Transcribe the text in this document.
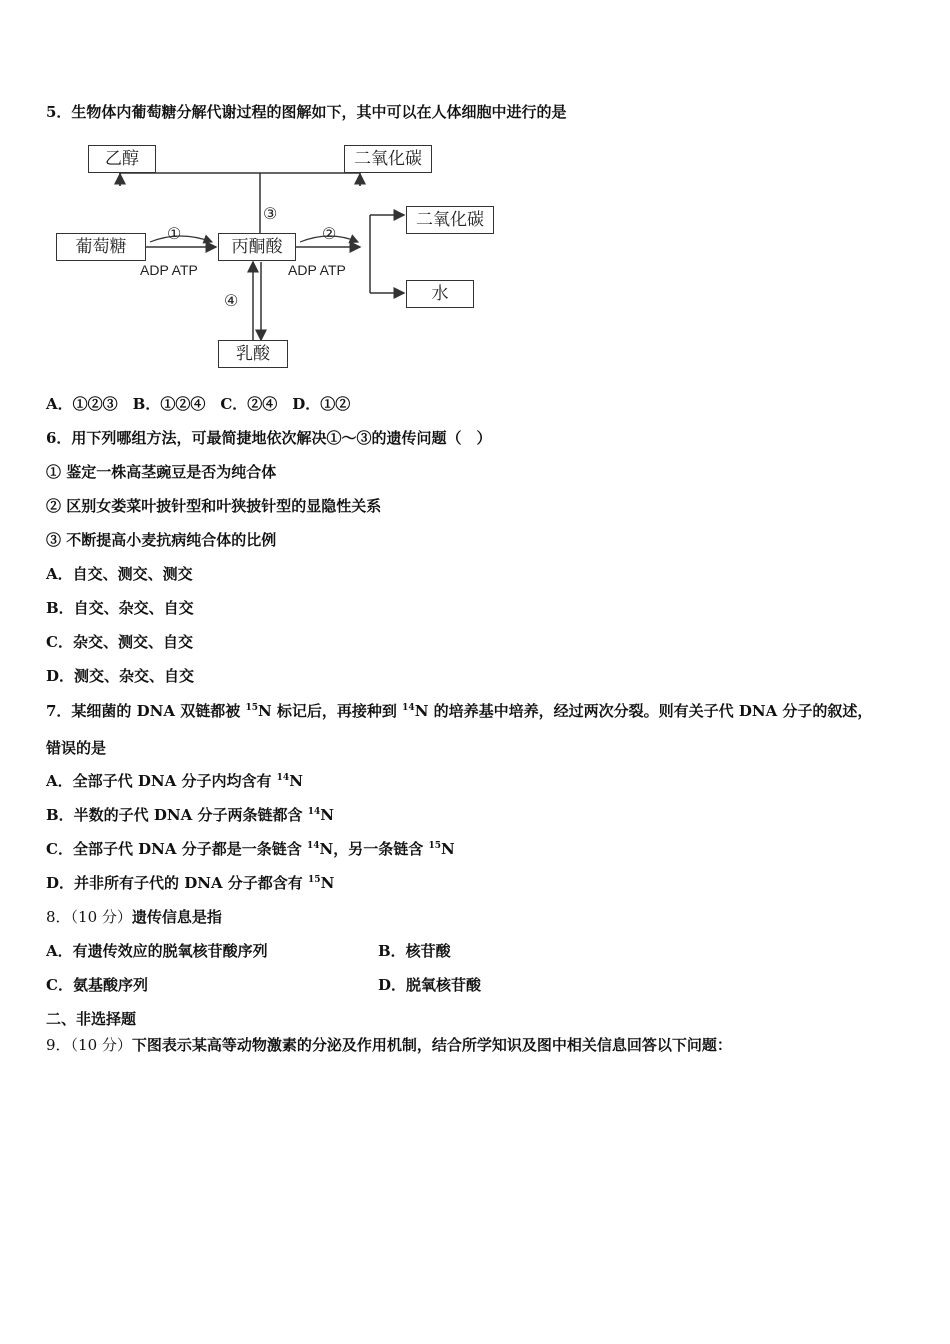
5．生物体内葡萄糖分解代谢过程的图解如下，其中可以在人体细胞中进行的是
乙醇	二氧化碳
葡萄糖	丙酮酸
二氧化碳
水
乳酸
①	②
③
④
ADP ATP	ADP ATP
A．①②③　B．①②④　C．②④　D．①②
6．用下列哪组方法，可最简捷地依次解决①～③的遗传问题（　）
① 鉴定一株高茎豌豆是否为纯合体
② 区别女娄菜叶披针型和叶狭披针型的显隐性关系
③ 不断提高小麦抗病纯合体的比例
A．自交、测交、测交
B．自交、杂交、自交
C．杂交、测交、自交
D．测交、杂交、自交
7．某细菌的 DNA 双链都被 $^{15}$N 标记后，再接种到 $^{14}$N 的培养基中培养，经过两次分裂。则有关子代 DNA 分子的叙述，
错误的是
A．全部子代 DNA 分子内均含有 $^{14}$N
B．半数的子代 DNA 分子两条链都含 $^{14}$N
C．全部子代 DNA 分子都是一条链含 $^{14}$N，另一条链含 $^{15}$N
D．并非所有子代的 DNA 分子都含有 $^{15}$N
8．（10 分）遗传信息是指
A．有遗传效应的脱氧核苷酸序列	B．核苷酸
C．氨基酸序列	D．脱氧核苷酸
二、非选择题
9．（10 分）下图表示某高等动物激素的分泌及作用机制，结合所学知识及图中相关信息回答以下问题：
